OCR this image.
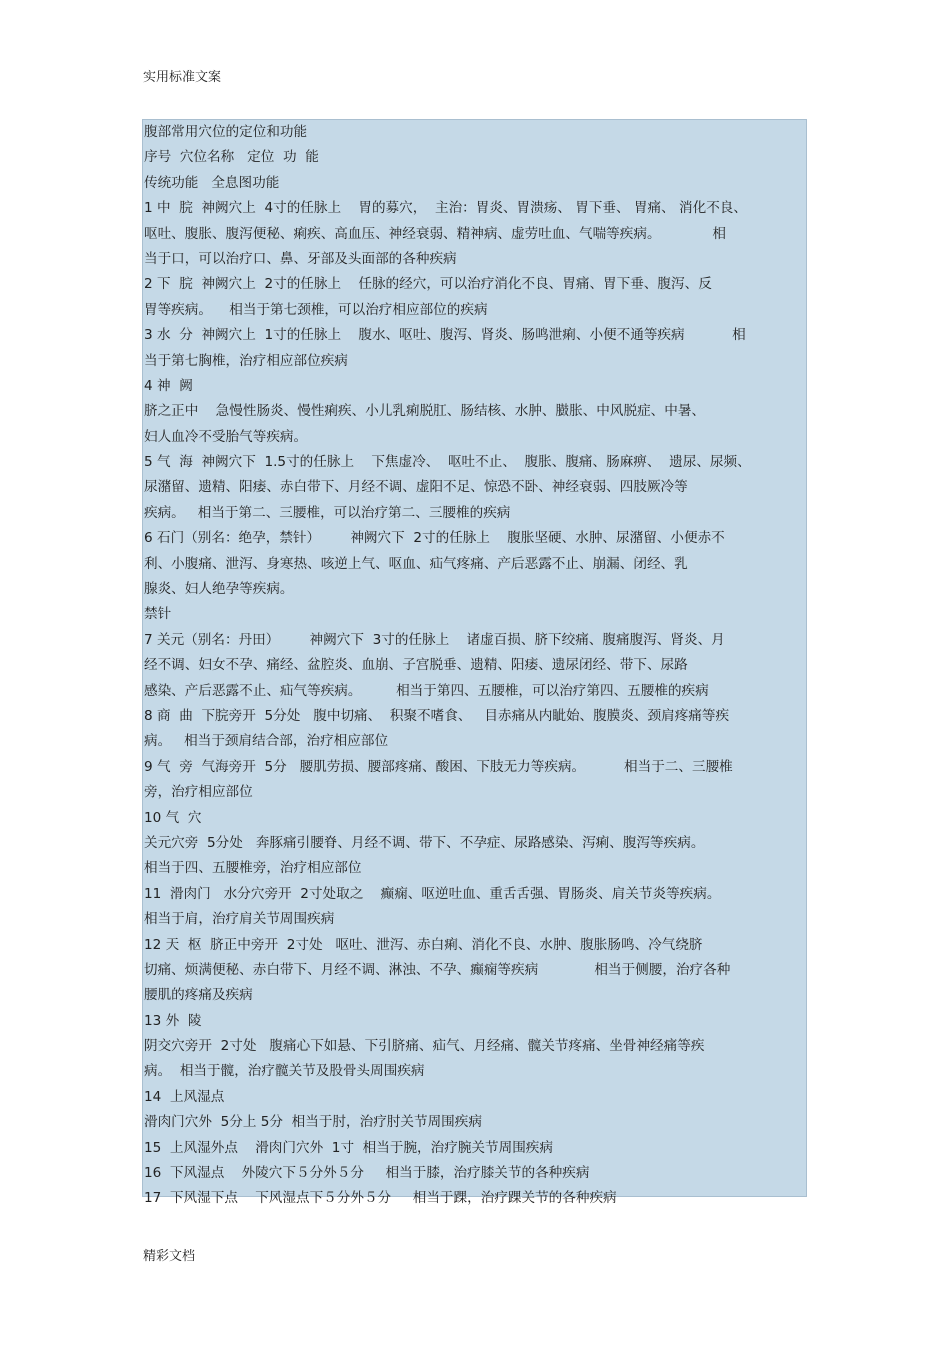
实用标准文案
腹部常用穴位的定位和功能
序号  穴位名称   定位  功  能
传统功能   全息图功能
1 中  脘  神阙穴上  4寸的任脉上    胃的募穴，  主治：胃炎、胃溃疡、 胃下垂、 胃痛、 消化不良、
呕吐、腹胀、腹泻便秘、痢疾、高血压、神经衰弱、精神病、虚劳吐血、气喘等疾病。            相
当于口，可以治疗口、鼻、牙部及头面部的各种疾病
2 下  脘  神阙穴上  2寸的任脉上    任脉的经穴，可以治疗消化不良、胃痛、胃下垂、腹泻、反
胃等疾病。    相当于第七颈椎，可以治疗相应部位的疾病
3 水  分  神阙穴上  1寸的任脉上    腹水、呕吐、腹泻、肾炎、肠鸣泄痢、小便不通等疾病           相
当于第七胸椎，治疗相应部位疾病
4 神  阙
脐之正中    急慢性肠炎、慢性痢疾、小儿乳痢脱肛、肠结核、水肿、臌胀、中风脱症、中暑、
妇人血冷不受胎气等疾病。
5 气  海  神阙穴下  1.5寸的任脉上    下焦虚冷、  呕吐不止、  腹胀、腹痛、肠麻痹、  遗尿、尿频、
尿潴留、遗精、阳痿、赤白带下、月经不调、虚阳不足、惊恐不卧、神经衰弱、四肢厥冷等
疾病。   相当于第二、三腰椎，可以治疗第二、三腰椎的疾病
6 石门（别名：绝孕，禁针）       神阙穴下  2寸的任脉上    腹胀坚硬、水肿、尿潴留、小便赤不
利、小腹痛、泄泻、身寒热、咳逆上气、呕血、疝气疼痛、产后恶露不止、崩漏、闭经、乳
腺炎、妇人绝孕等疾病。
禁针
7 关元（别名：丹田）       神阙穴下  3寸的任脉上    诸虚百损、脐下绞痛、腹痛腹泻、肾炎、月
经不调、妇女不孕、痛经、盆腔炎、血崩、子宫脱垂、遗精、阳痿、遗尿闭经、带下、尿路
感染、产后恶露不止、疝气等疾病。        相当于第四、五腰椎，可以治疗第四、五腰椎的疾病
8 商  曲  下脘旁开  5分处   腹中切痛、  积聚不嗜食、   目赤痛从内眦始、腹膜炎、颈肩疼痛等疾
病。   相当于颈肩结合部，治疗相应部位
9 气  旁  气海旁开  5分   腰肌劳损、腰部疼痛、酸困、下肢无力等疾病。         相当于二、三腰椎
旁，治疗相应部位
10 气  穴
关元穴旁  5分处   奔豚痛引腰脊、月经不调、带下、不孕症、尿路感染、泻痢、腹泻等疾病。
相当于四、五腰椎旁，治疗相应部位
11  滑肉门   水分穴旁开  2寸处取之    癫痫、呕逆吐血、重舌舌强、胃肠炎、肩关节炎等疾病。
相当于肩，治疗肩关节周围疾病
12 天  枢  脐正中旁开  2寸处   呕吐、泄泻、赤白痢、消化不良、水肿、腹胀肠鸣、冷气绕脐
切痛、烦满便秘、赤白带下、月经不调、淋浊、不孕、癫痫等疾病             相当于侧腰，治疗各种
腰肌的疼痛及疾病
13 外  陵
阴交穴旁开  2寸处   腹痛心下如悬、下引脐痛、疝气、月经痛、髋关节疼痛、坐骨神经痛等疾
病。  相当于髋，治疗髋关节及股骨头周围疾病
14  上风湿点
滑肉门穴外  5分上 5分  相当于肘，治疗肘关节周围疾病
15  上风湿外点    滑肉门穴外  1寸  相当于腕，治疗腕关节周围疾病
16  下风湿点    外陵穴下５分外５分     相当于膝，治疗膝关节的各种疾病
17  下风湿下点    下风湿点下５分外５分     相当于踝，治疗踝关节的各种疾病
精彩文档
